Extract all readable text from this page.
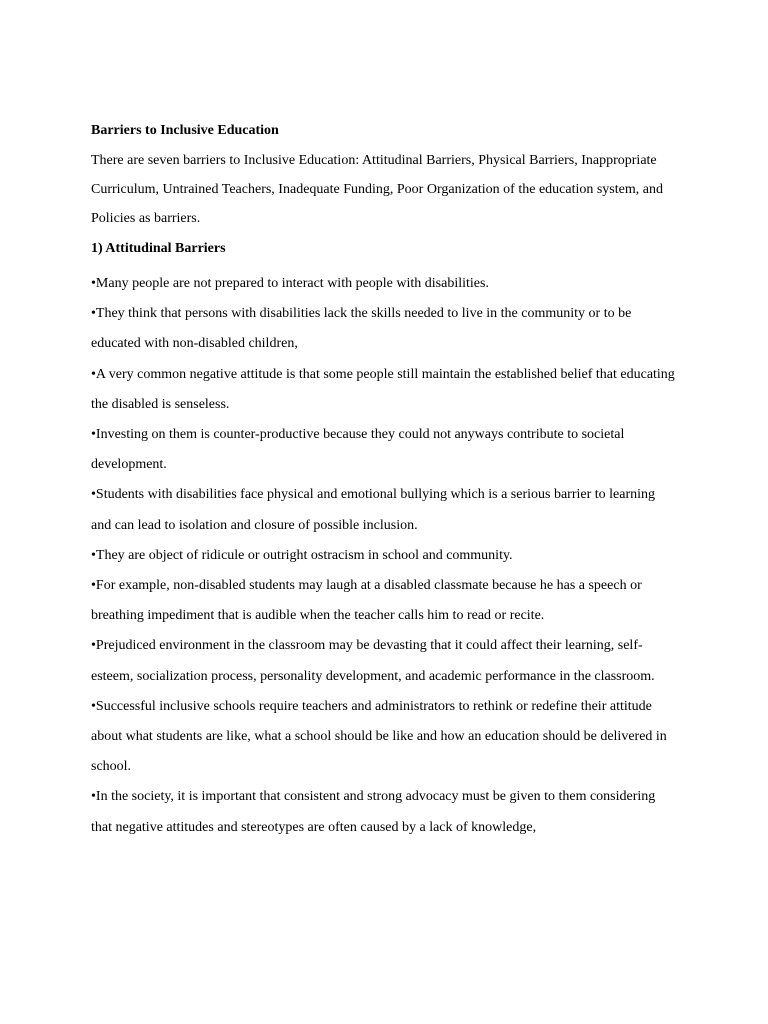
Barriers to Inclusive Education

There are seven barriers to Inclusive Education: Attitudinal Barriers, Physical Barriers, Inappropriate

Curriculum, Untrained Teachers, Inadequate Funding, Poor Organization of the education system, and

Policies as barriers.

1) Attitudinal Barriers

•Many people are not prepared to interact with people with disabilities.
•They think that persons with disabilities lack the skills needed to live in the community or to be educated with non-disabled children,
•A very common negative attitude is that some people still maintain the established belief that educating the disabled is senseless.
•Investing on them is counter-productive because they could not anyways contribute to societal development.
•Students with disabilities face physical and emotional bullying which is a serious barrier to learning and can lead to isolation and closure of possible inclusion.
•They are object of ridicule or outright ostracism in school and community.
•For example, non-disabled students may laugh at a disabled classmate because he has a speech or breathing impediment that is audible when the teacher calls him to read or recite.
•Prejudiced environment in the classroom may be devasting that it could affect their learning, self-esteem, socialization process, personality development, and academic performance in the classroom.
•Successful inclusive schools require teachers and administrators to rethink or redefine their attitude about what students are like, what a school should be like and how an education should be delivered in school.
•In the society, it is important that consistent and strong advocacy must be given to them considering that negative attitudes and stereotypes are often caused by a lack of knowledge,
